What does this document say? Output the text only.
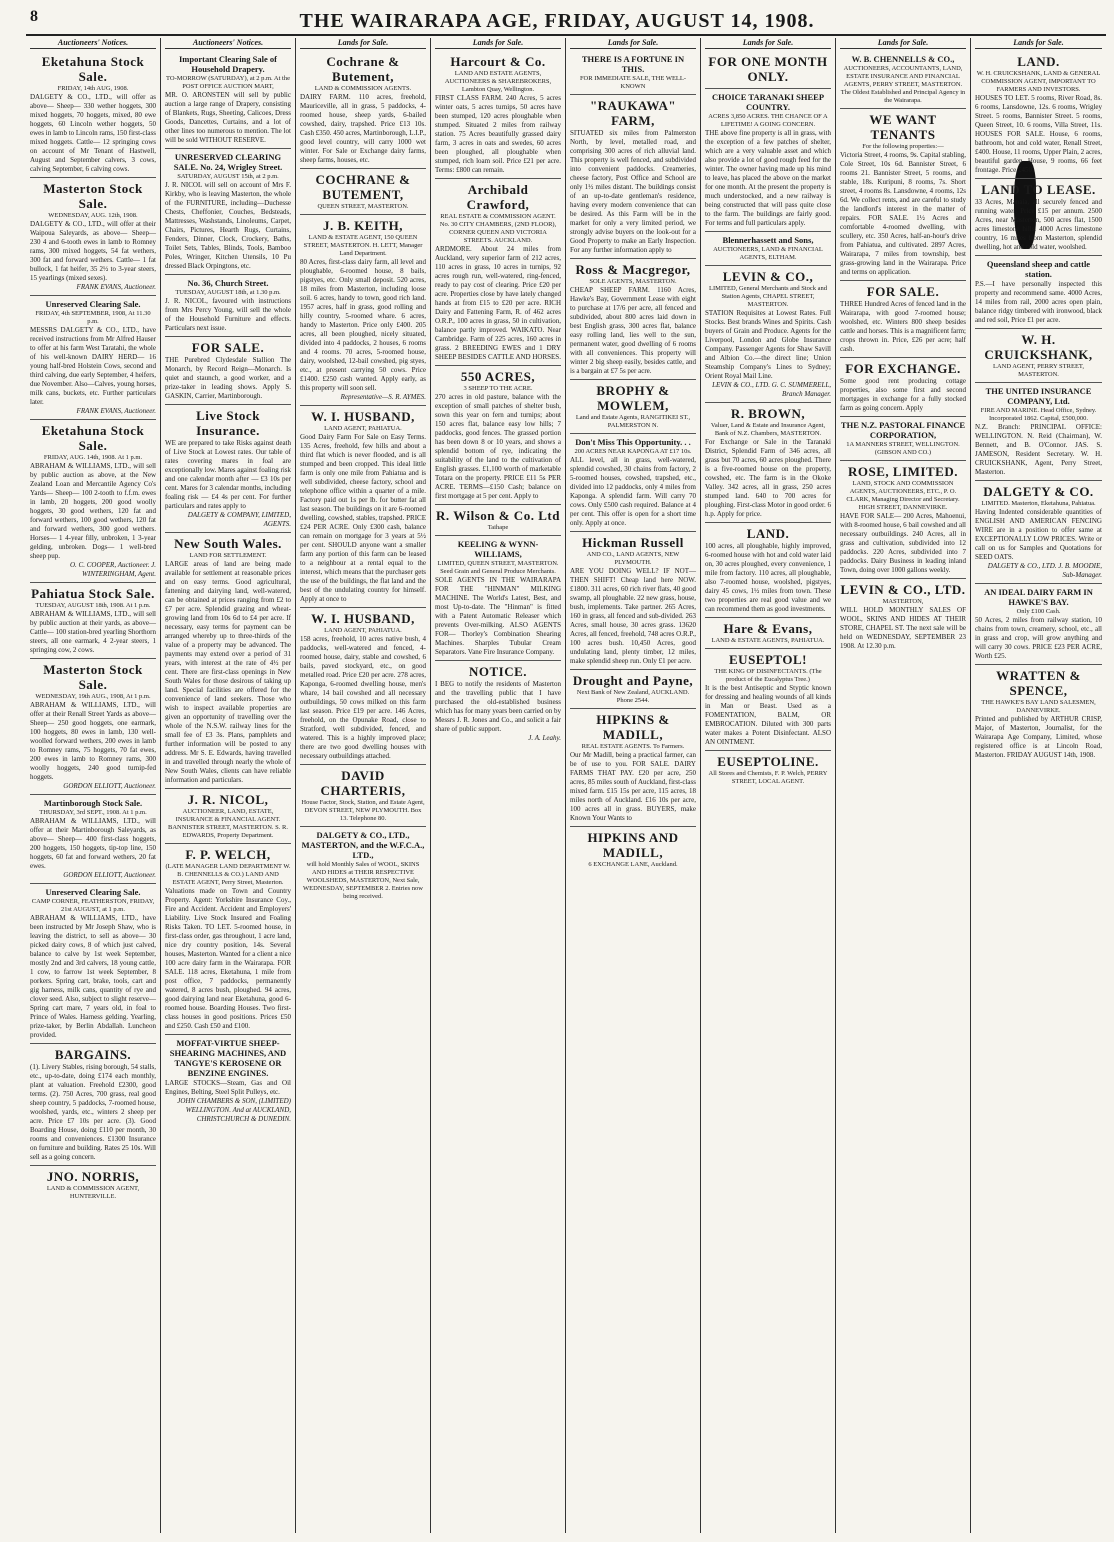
8	THE WAIRARAPA AGE, FRIDAY, AUGUST 14, 1908.
Auctioneers' Notices.
Eketahuna Stock Sale.
FRIDAY, 14th AUG, 1908.
DALGETY & CO., LTD., will offer as above— Sheep— 330 wether hoggets, 300 mixed hoggets, 70 hoggets, mixed, 80 ewe hoggets, 60 Lincoln wether hoggets, 50 ewes in lamb to Lincoln rams, 150 first-class mixed hoggets. Cattle— 12 springing cows on account of Mr Tenant of Hastwell, August and September calvers, 3 cows, calving September, 6 calving cows.
Masterton Stock Sale.
WEDNESDAY, AUG. 12th, 1908.
DALGETY & CO., LTD., will offer at their Waipoua Saleyards, as above— Sheep— 230 4 and 6-tooth ewes in lamb to Romney rams, 300 mixed hoggets, 54 fat wethers, 300 fat and forward wethers. Cattle— 1 fat bullock, 1 fat heifer, 35 2½ to 3-year steers, 15 yearlings (mixed sexes).
FRANK EVANS, Auctioneer.
Unreserved Clearing Sale.
FRIDAY, 4th SEPTEMBER, 1908, At 11.30 p.m.
MESSRS DALGETY & CO., LTD., have received instructions from Mr Alfred Hauser to offer at his farm West Taratahi, the whole of his well-known DAIRY HERD— 16 young half-bred Holstein Cows, second and third calving, due early September, 4 heifers, due November. Also—Calves, young horses, milk cans, buckets, etc. Further particulars later.
FRANK EVANS, Auctioneer.
Eketahuna Stock Sale.
FRIDAY, AUG. 14th, 1908. At 1 p.m.
ABRAHAM & WILLIAMS, LTD., will sell by public auction as above, at the New Zealand Loan and Mercantile Agency Co's Yards— Sheep— 100 2-tooth to f.f.m. ewes in lamb, 20 hoggets, 200 good woolly hoggets, 30 good wethers, 120 fat and forward wethers, 100 good wethers, 120 fat and forward wethers, 300 good wethers. Horses— 1 4-year filly, unbroken, 1 3-year gelding, unbroken. Dogs— 1 well-bred sheep pup.
O. C. COOPER, Auctioneer. J. WINTERINGHAM, Agent.
Pahiatua Stock Sale.
TUESDAY, AUGUST 18th, 1908. At 1 p.m.
ABRAHAM & WILLIAMS, LTD., will sell by public auction at their yards, as above— Cattle— 100 station-bred yearling Shorthorn steers, all one earmark, 4 2-year steers, 1 springing cow, 2 cows.
Masterton Stock Sale.
WEDNESDAY, 19th AUG., 1908, At 1 p.m.
ABRAHAM & WILLIAMS, LTD., will offer at their Renall Street Yards as above— Sheep— 250 good hoggets, one earmark, 100 hoggets, 80 ewes in lamb, 130 well-woolled forward wethers, 200 ewes in lamb to Romney rams, 75 hoggets, 70 fat ewes, 200 ewes in lamb to Romney rams, 300 woolly hoggets, 240 good turnip-fed hoggets.
GORDON ELLIOTT, Auctioneer.
Martinborough Stock Sale.
THURSDAY, 3rd SEPT., 1908. At 1 p.m.
ABRAHAM & WILLIAMS, LTD., will offer at their Martinborough Saleyards, as above— Sheep— 400 first-class hoggets, 200 hoggets, 150 hoggets, tip-top line, 150 hoggets, 60 fat and forward wethers, 20 fat ewes.
GORDON ELLIOTT, Auctioneer.
Unreserved Clearing Sale.
CAMP CORNER, FEATHERSTON, FRIDAY, 21st AUGUST, at 1 p.m.
ABRAHAM & WILLIAMS, LTD., have been instructed by Mr Joseph Shaw, who is leaving the district, to sell as above— 30 picked dairy cows, 8 of which just calved, balance to calve by 1st week September, mostly 2nd and 3rd calvers, 18 young cattle, 1 cow, to farrow 1st week September, 8 porkers. Spring cart, brake, tools, cart and gig harness, milk cans, quantity of rye and clover seed. Also, subject to slight reserve— Spring cart mare, 7 years old, in foal to Prince of Wales. Harness gelding. Yearling, prize-taker, by Berlin Abdallah. Luncheon provided.
BARGAINS.
(1). Livery Stables, rising borough, 54 stalls, etc., up-to-date, doing £174 each monthly, plant at valuation. Freehold £2300, good terms. (2). 750 Acres, 700 grass, real good sheep country, 5 paddocks, 7-roomed house, woolshed, yards, etc., winters 2 sheep per acre. Price £7 10s per acre. (3). Good Boarding House, doing £110 per month, 30 rooms and conveniences. £1300 Insurance on furniture and building. Rates 25 10s. Will sell as a going concern.
JNO. NORRIS,
LAND & COMMISSION AGENT, HUNTERVILLE.
Auctioneers' Notices.
Important Clearing Sale of Household Drapery.
TO-MORROW (SATURDAY), at 2 p.m. At the POST OFFICE AUCTION MART,
MR. O. ARONSTEN will sell by public auction a large range of Drapery, consisting of Blankets, Rugs, Sheeting, Calicoes, Dress Goods, Dancettes, Curtains, and a lot of other lines too numerous to mention. The lot will be sold WITHOUT RESERVE.
UNRESERVED CLEARING SALE. No. 24, Wrigley Street.
SATURDAY, AUGUST 15th, at 2 p.m.
J. R. NICOL will sell on account of Mrs F. Kirkby, who is leaving Masterton, the whole of the FURNITURE, including—Duchesse Chests, Cheffonier, Couches, Bedsteads, Mattresses, Washstands, Linoleums, Carpet, Chairs, Pictures, Hearth Rugs, Curtains, Fenders, Dinner, Clock, Crockery, Baths, Toilet Sets, Tables, Blinds, Tools, Bamboo Poles, Wringer, Kitchen Utensils, 10 Pu dressed Black Orpingtons, etc.
No. 36, Church Street.
TUESDAY, AUGUST 18th, at 1.30 p.m.
J. R. NICOL, favoured with instructions from Mrs Percy Young, will sell the whole of the Household Furniture and effects. Particulars next issue.
FOR SALE.
THE Purebred Clydesdale Stallion The Monarch, by Record Reign—Monarch. Is quiet and staunch, a good worker, and a prize-taker in leading shows. Apply S. GASKIN, Carrier, Martinborough.
Live Stock Insurance.
WE are prepared to take Risks against death of Live Stock at Lowest rates. Our table of rates covering mares in foal are exceptionally low. Mares against foaling risk and one calendar month after — £3 10s per cent. Mares for 3 calendar months, including foaling risk — £4 4s per cent. For further particulars and rates apply to
DALGETY & COMPANY, LIMITED, AGENTS.
New South Wales.
LAND FOR SETTLEMENT.
LARGE areas of land are being made available for settlement at reasonable prices and on easy terms. Good agricultural, fattening and dairying land, well-watered, can be obtained at prices ranging from £2 to £7 per acre. Splendid grazing and wheat-growing land from 10s 6d to £4 per acre. If necessary, easy terms for payment can be arranged whereby up to three-thirds of the value of a property may be advanced. The payments may extend over a period of 31 years, with interest at the rate of 4½ per cent. There are first-class openings in New South Wales for those desirous of taking up land. Special facilities are offered for the convenience of land seekers. Those who wish to inspect available properties are given an opportunity of travelling over the whole of the N.S.W. railway lines for the small fee of £3 3s. Plans, pamphlets and further information will be posted to any address. Mr S. E. Edwards, having travelled in and travelled through nearly the whole of New South Wales, clients can have reliable information and particulars.
J. R. NICOL,
AUCTIONEER, LAND, ESTATE, INSURANCE & FINANCIAL AGENT. BANNISTER STREET, MASTERTON. S. R. EDWARDS, Property Department.
F. P. WELCH,
(LATE MANAGER LAND DEPARTMENT W. B. CHENNELLS & CO.) LAND AND ESTATE AGENT, Perry Street, Masterton.
Valuations made on Town and Country Property. Agent: Yorkshire Insurance Coy., Fire and Accident. Accident and Employers' Liability. Live Stock Insured and Foaling Risks Taken. TO LET. 5-roomed house, in first-class order, gas throughout, 1 acre land, nice dry country position, 14s. Several houses, Masterton. Wanted for a client a nice 100 acre dairy farm in the Wairarapa. FOR SALE. 118 acres, Eketahuna, 1 mile from post office, 7 paddocks, permanently watered, 8 acres bush, ploughed. 94 acres, good dairying land near Eketahuna, good 6-roomed house. Boarding Houses. Two first-class houses in good positions. Prices £50 and £250. Cash £50 and £100.
MOFFAT-VIRTUE SHEEP-SHEARING MACHINES, AND TANGYE'S KEROSENE OR BENZINE ENGINES.
LARGE STOCKS—Steam, Gas and Oil Engines, Belting, Steel Split Pulleys, etc.
JOHN CHAMBERS & SON, (LIMITED) WELLINGTON. And at AUCKLAND, CHRISTCHURCH & DUNEDIN.
Lands for Sale.
Cochrane & Butement,
LAND & COMMISSION AGENTS.
DAIRY FARM. 110 acres, freehold, Mauriceville, all in grass, 5 paddocks, 4-roomed house, sheep yards, 6-bailed cowshed, dairy, trapshed. Price £13 10s. Cash £350. 450 acres, Martinborough, L.I.P., good level country, will carry 1000 wet winter. For Sale or Exchange dairy farms, sheep farms, houses, etc.
COCHRANE & BUTEMENT,
QUEEN STREET, MASTERTON.
J. B. KEITH,
LAND & ESTATE AGENT, 150 QUEEN STREET, MASTERTON. H. LETT, Manager Land Department.
80 Acres, first-class dairy farm, all level and ploughable, 6-roomed house, 8 bails, pigstyes, etc. Only small deposit. 520 acres, 18 miles from Masterton, including loose soil. 6 acres, handy to town, good rich land. 1957 acres, half in grass, good rolling and hilly country, 5-roomed whare. 6 acres, handy to Masterton. Price only £400. 205 acres, all been ploughed, nicely situated, divided into 4 paddocks, 2 houses, 6 rooms and 4 rooms. 70 acres, 5-roomed house, dairy, woolshed, 12-bail cowshed, pig styes, etc., at present carrying 50 cows. Price £1400. £250 cash wanted. Apply early, as this property will soon sell.
Representative—S. R. AYMES.
W. I. HUSBAND,
LAND AGENT, PAHIATUA.
Good Dairy Farm For Sale on Easy Terms. 135 Acres, freehold, few hills and about a third flat which is never flooded, and is all stumped and been cropped. This ideal little farm is only one mile from Pahiatua and is well subdivided, cheese factory, school and telephone office within a quarter of a mile. Factory paid out 1s per lb. for butter fat all last season. The buildings on it are 6-roomed dwelling, cowshed, stables, trapshed. PRICE £24 PER ACRE. Only £300 cash, balance can remain on mortgage for 3 years at 5½ per cent. SHOULD anyone want a smaller farm any portion of this farm can be leased to a neighbour at a rental equal to the interest, which means that the purchaser gets the use of the buildings, the flat land and the best of the undulating country for himself. Apply at once to
W. I. HUSBAND,
LAND AGENT, PAHIATUA.
158 acres, freehold, 10 acres native bush, 4 paddocks, well-watered and fenced, 4-roomed house, dairy, stable and cowshed, 6 bails, paved stockyard, etc., on good metalled road. Price £20 per acre. 278 acres, Kaponga, 6-roomed dwelling house, men's whare, 14 bail cowshed and all necessary outbuildings, 50 cows milked on this farm last season. Price £19 per acre. 146 Acres, freehold, on the Opunake Road, close to Stratford, well subdivided, fenced, and watered. This is a highly improved place; there are two good dwelling houses with necessary outbuildings attached.
DAVID CHARTERIS,
House Factor, Stock, Station, and Estate Agent, DEVON STREET, NEW PLYMOUTH. Box 13. Telephone 80.
DALGETY & CO., LTD., MASTERTON, and the W.F.C.A., LTD.,
will hold Monthly Sales of WOOL, SKINS AND HIDES at THEIR RESPECTIVE WOOLSHEDS, MASTERTON, Next Sale, WEDNESDAY, SEPTEMBER 2. Entries now being received.
Lands for Sale.
Harcourt & Co.
LAND AND ESTATE AGENTS, AUCTIONEERS & SHAREBROKERS, Lambton Quay, Wellington.
FIRST CLASS FARM. 240 Acres, 5 acres winter oats, 5 acres turnips, 50 acres have been stumped, 120 acres ploughable when stumped. Situated 2 miles from railway station. 75 Acres beautifully grassed dairy farm, 3 acres in oats and swedes, 60 acres been ploughed, all ploughable when stumped, rich loam soil. Price £21 per acre. Terms: £800 can remain.
Archibald Crawford,
REAL ESTATE & COMMISSION AGENT. No. 30 CITY CHAMBERS, (2ND FLOOR), CORNER QUEEN AND VICTORIA STREETS. AUCKLAND.
ARDMORE. About 24 miles from Auckland, very superior farm of 212 acres, 110 acres in grass, 10 acres in turnips, 92 acres rough run, well-watered, ring-fenced, ready to pay cost of clearing. Price £20 per acre. Properties close by have lately changed hands at from £15 to £20 per acre. RICH Dairy and Fattening Farm, R. of 462 acres O.R.P., 100 acres in grass, 50 in cultivation, balance partly improved. WAIKATO. Near Cambridge. Farm of 225 acres, 160 acres in grass. 2 BREEDING EWES and 1 DRY SHEEP BESIDES CATTLE AND HORSES.
550 ACRES,
3 SHEEP TO THE ACRE.
270 acres in old pasture, balance with the exception of small patches of shelter bush, sown this year on fern and turnips; about 150 acres flat, balance easy low hills; 7 paddocks, good fences. The grassed portion has been down 8 or 10 years, and shows a splendid bottom of rye, indicating the suitability of the land to the cultivation of English grasses. £1,100 worth of marketable Totara on the property. PRICE £11 5s PER ACRE. TERMS—£150 Cash; balance on first mortgage at 5 per cent. Apply to
R. Wilson & Co. Ltd
Taihape
KEELING & WYNN-WILLIAMS,
LIMITED, QUEEN STREET, MASTERTON. Seed Grain and General Produce Merchants.
SOLE AGENTS IN THE WAIRARAPA FOR THE "HINMAN" MILKING MACHINE. The World's Latest, Best, and most Up-to-date. The "Hinman" is fitted with a Patent Automatic Releaser which prevents Over-milking. ALSO AGENTS FOR— Thorley's Combination Shearing Machines. Sharples Tubular Cream Separators. Vane Fire Insurance Company.
NOTICE.
I BEG to notify the residents of Masterton and the travelling public that I have purchased the old-established business which has for many years been carried on by Messrs J. R. Jones and Co., and solicit a fair share of public support.
J. A. Leahy.
Lands for Sale.
THERE IS A FORTUNE IN THIS.
FOR IMMEDIATE SALE, THE WELL-KNOWN
"RAUKAWA" FARM,
SITUATED six miles from Palmerston North, by level, metalled road, and comprising 300 acres of rich alluvial land. This property is well fenced, and subdivided into convenient paddocks. Creameries, cheese factory, Post Office and School are only 1½ miles distant. The buildings consist of an up-to-date gentleman's residence, having every modern convenience that can be desired. As this Farm will be in the market for only a very limited period, we strongly advise buyers on the look-out for a Good Property to make an Early Inspection. For any further information apply to
Ross & Macgregor,
SOLE AGENTS, MASTERTON.
CHEAP SHEEP FARM. 1160 Acres, Hawke's Bay, Government Lease with eight to purchase at 17/6 per acre, all fenced and subdivided, about 800 acres laid down in best English grass, 300 acres flat, balance easy rolling land, lies well to the sun, permanent water, good dwelling of 6 rooms with all conveniences. This property will winter 2 big sheep easily, besides cattle, and is a bargain at £7 5s per acre.
BROPHY & MOWLEM,
Land and Estate Agents, RANGITIKEI ST., PALMERSTON N.
Don't Miss This Opportunity. . .
200 ACRES NEAR KAPONGA AT £17 10s.
ALL level, all in grass, well-watered, splendid cowshed, 30 chains from factory, 2 5-roomed houses, cowshed, trapshed, etc., divided into 12 paddocks, only 4 miles from Kaponga. A splendid farm. Will carry 70 cows. Only £500 cash required. Balance at 4 per cent. This offer is open for a short time only. Apply at once.
Hickman Russell
AND CO., LAND AGENTS, NEW PLYMOUTH.
ARE YOU DOING WELL? IF NOT— THEN SHIFT! Cheap land here NOW. £1800. 311 acres, 60 rich river flats, 40 good swamp, all ploughable. 22 new grass, house, bush, implements. Take partner. 265 Acres, 160 in grass, all fenced and sub-divided. 263 Acres, small house, 30 acres grass. 13620 Acres, all fenced, freehold, 748 acres O.R.P., 100 acres bush. 10,450 Acres, good undulating land, plenty timber, 12 miles, make splendid sheep run. Only £1 per acre.
Drought and Payne,
Next Bank of New Zealand, AUCKLAND. Phone 2544.
HIPKINS & MADILL,
REAL ESTATE AGENTS. To Farmers.
Our Mr Madill, being a practical farmer, can be of use to you. FOR SALE. DAIRY FARMS THAT PAY. £20 per acre, 250 acres, 85 miles south of Auckland, first-class mixed farm. £15 15s per acre, 115 acres, 18 miles north of Auckland. £16 10s per acre, 100 acres all in grass. BUYERS, make Known Your Wants to
HIPKINS AND MADILL,
6 EXCHANGE LANE, Auckland.
Lands for Sale.
FOR ONE MONTH ONLY.
CHOICE TARANAKI SHEEP COUNTRY.
ACRES 3,850 ACRES. THE CHANCE OF A LIFETIME! A GOING CONCERN.
THE above fine property is all in grass, with the exception of a few patches of shelter, which are a very valuable asset and which also provide a lot of good rough feed for the winter. The owner having made up his mind to leave, has placed the above on the market for one month. At the present the property is much understocked, and a new railway is being constructed that will pass quite close to the farm. The buildings are fairly good. For terms and full particulars apply.
Blennerhassett and Sons,
AUCTIONEERS, LAND & FINANCIAL AGENTS, ELTHAM.
LEVIN & CO.,
LIMITED, General Merchants and Stock and Station Agents, CHAPEL STREET, MASTERTON.
STATION Requisites at Lowest Rates. Full Stocks. Best brands Wines and Spirits. Cash buyers of Grain and Produce. Agents for the Liverpool, London and Globe Insurance Company. Passenger Agents for Shaw Savill and Albion Co.—the direct line; Union Steamship Company's Lines to Sydney; Orient Royal Mail Line.
LEVIN & CO., LTD. G. C. SUMMERELL, Branch Manager.
R. BROWN,
Valuer, Land & Estate and Insurance Agent, Bank of N.Z. Chambers, MASTERTON.
For Exchange or Sale in the Taranaki District, Splendid Farm of 346 acres, all grass but 70 acres, 60 acres ploughed. There is a five-roomed house on the property, cowshed, etc. The farm is in the Okoke Valley. 342 acres, all in grass, 250 acres stumped land. 640 to 700 acres for ploughing. First-class Motor in good order. 6 h.p. Apply for price.
LAND.
100 acres, all ploughable, highly improved, 6-roomed house with hot and cold water laid on, 30 acres ploughed, every convenience, 1 mile from factory. 110 acres, all ploughable, also 7-roomed house, woolshed, pigstyes, dairy 45 cows, 1½ miles from town. These two properties are real good value and we can recommend them as good investments.
Hare & Evans,
LAND & ESTATE AGENTS, PAHIATUA.
EUSEPTOL!
THE KING OF DISINFECTANTS. (The product of the Eucalyptus Tree.)
It is the best Antiseptic and Styptic known for dressing and healing wounds of all kinds in Man or Beast. Used as a FOMENTATION, BALM, OR EMBROCATION. Diluted with 300 parts water makes a Potent Disinfectant. ALSO AN OINTMENT.
EUSEPTOLINE.
All Stores and Chemists, F. P. Welch, PERRY STREET, LOCAL AGENT.
Lands for Sale.
W. B. CHENNELLS & CO.,
AUCTIONEERS, ACCOUNTANTS, LAND, ESTATE INSURANCE AND FINANCIAL AGENTS, PERRY STREET, MASTERTON. The Oldest Established and Principal Agency in the Wairarapa.
WE WANT TENANTS
For the following properties:—
Victoria Street, 4 rooms, 9s. Capital stabling, Cole Street, 10s 6d. Bannister Street, 6 rooms 21. Bannister Street, 5 rooms, and stable, 18s. Kuripuni, 8 rooms, 7s. Short street, 4 rooms 8s. Lansdowne, 4 rooms, 12s 6d. We collect rents, and are careful to study the landlord's interest in the matter of repairs. FOR SALE. 1½ Acres and comfortable 4-roomed dwelling, with scullery, etc. 350 Acres, half-an-hour's drive from Pahiatua, and cultivated. 2897 Acres, Wairarapa, 7 miles from township, best grass-growing land in the Wairarapa. Price and terms on application.
FOR SALE.
THREE Hundred Acres of fenced land in the Wairarapa, with good 7-roomed house; woolshed, etc. Winters 800 sheep besides cattle and horses. This is a magnificent farm; crops thrown in. Price, £26 per acre; half cash.
FOR EXCHANGE.
Some good rent producing cottage properties, also some first and second mortgages in exchange for a fully stocked farm as going concern. Apply
THE N.Z. PASTORAL FINANCE CORPORATION,
1A MANNERS STREET, WELLINGTON. (GIBSON AND CO.)
ROSE, LIMITED.
LAND, STOCK AND COMMISSION AGENTS, AUCTIONEERS, ETC., P. O. CLARK, Managing Director and Secretary. HIGH STREET, DANNEVIRKE.
HAVE FOR SALE— 200 Acres, Mahoenui, with 8-roomed house, 6 bail cowshed and all necessary outbuildings. 240 Acres, all in grass and cultivation, subdivided into 12 paddocks. 220 Acres, subdivided into 7 paddocks. Dairy Business in leading inland Town, doing over 1000 gallons weekly.
LEVIN & CO., LTD.
MASTERTON,
WILL HOLD MONTHLY SALES OF WOOL, SKINS AND HIDES AT THEIR STORE, CHAPEL ST. The next sale will be held on WEDNESDAY, SEPTEMBER 23 1908. At 12.30 p.m.
Lands for Sale.
LAND.
W. H. CRUICKSHANK, LAND & GENERAL COMMISSION AGENT, IMPORTANT TO FARMERS AND INVESTORS.
HOUSES TO LET. 5 rooms, River Road, 8s. 6 rooms, Lansdowne, 12s. 6 rooms, Wrigley Street. 5 rooms, Bannister Street. 5 rooms, Queen Street, 10. 6 rooms, Villa Street, 11s. HOUSES FOR SALE. House, 6 rooms, bathroom, hot and cold water, Renall Street, £400. House, 11 rooms, Upper Plain, 2 acres, beautiful garden. House, 9 rooms, 66 feet frontage. Price £450.
LAND TO LEASE.
33 Acres, Manaia, all securely fenced and running water. Price £15 per annum. 2500 Acres, near Masterton, 500 acres flat, 1500 acres limestone hills. 4000 Acres limestone country, 16 miles from Masterton, splendid dwelling, hot and cold water, woolshed.
Queensland sheep and cattle station.
P.S.—I have personally inspected this property and recommend same. 4000 Acres, 14 miles from rail, 2000 acres open plain, balance ridgy timbered with ironwood, black and red soil, Price £1 per acre.
W. H. CRUICKSHANK,
LAND AGENT, PERRY STREET, MASTERTON.
THE UNITED INSURANCE COMPANY, Ltd.
FIRE AND MARINE. Head Office, Sydney. Incorporated 1862. Capital, £500,000.
N.Z. Branch: PRINCIPAL OFFICE: WELLINGTON. N. Reid (Chairman), W. Bennett, and B. O'Connor. JAS. S. JAMESON, Resident Secretary. W. H. CRUICKSHANK, Agent, Perry Street, Masterton.
DALGETY & CO.
LIMITED. Masterton, Eketahuna, Pahiatua.
Having Indented considerable quantities of ENGLISH AND AMERICAN FENCING WIRE are in a position to offer same at EXCEPTIONALLY LOW PRICES. Write or call on us for Samples and Quotations for SEED OATS.
DALGETY & CO., LTD. J. B. MOODIE, Sub-Manager.
AN IDEAL DAIRY FARM IN HAWKE'S BAY.
Only £100 Cash.
50 Acres, 2 miles from railway station, 10 chains from town, creamery, school, etc., all in grass and crop, will grow anything and will carry 30 cows. PRICE £23 PER ACRE, Worth £25.
WRATTEN & SPENCE,
THE HAWKE'S BAY LAND SALESMEN, DANNEVIRKE.
Printed and published by ARTHUR CRISP, Major, of Masterton, Journalist, for the Wairarapa Age Company, Limited, whose registered office is at Lincoln Road, Masterton. FRIDAY AUGUST 14th, 1908.
